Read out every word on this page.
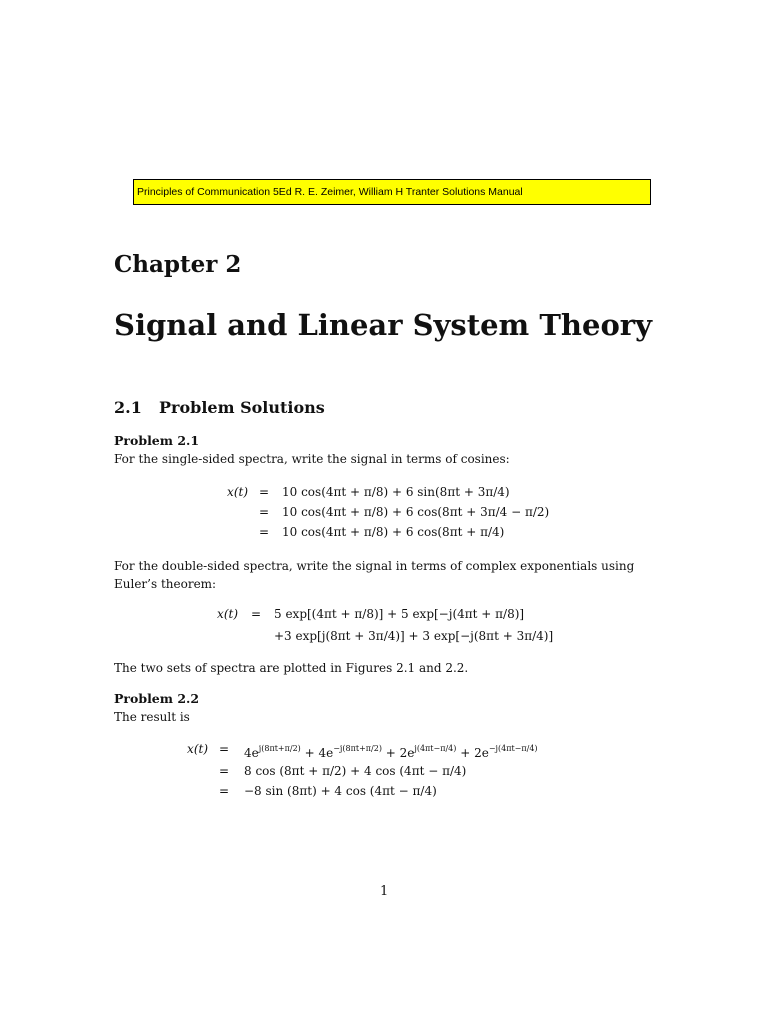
Principles of Communication 5Ed R. E. Zeimer, William H Tranter Solutions Manual
Chapter 2
Signal and Linear System Theory
2.1 Problem Solutions
Problem 2.1
For the single-sided spectra, write the signal in terms of cosines:
x(t) = 10 cos(4πt + π/8) + 6 sin(8πt + 3π/4)
= 10 cos(4πt + π/8) + 6 cos(8πt + 3π/4 − π/2)
= 10 cos(4πt + π/8) + 6 cos(8πt + π/4)
For the double-sided spectra, write the signal in terms of complex exponentials using Euler’s theorem:
x(t) = 5 exp[(4πt + π/8)] + 5 exp[−j(4πt + π/8)]
+3 exp[j(8πt + 3π/4)] + 3 exp[−j(8πt + 3π/4)]
The two sets of spectra are plotted in Figures 2.1 and 2.2.
Problem 2.2
The result is
$x(t) = 4e^{j(8\pi t+\pi/2)} + 4e^{-j(8\pi t+\pi/2)} + 2e^{j(4\pi t-\pi/4)} + 2e^{-j(4\pi t-\pi/4)}$
= 8 cos (8πt + π/2) + 4 cos (4πt − π/4)
= −8 sin (8πt) + 4 cos (4πt − π/4)
1
